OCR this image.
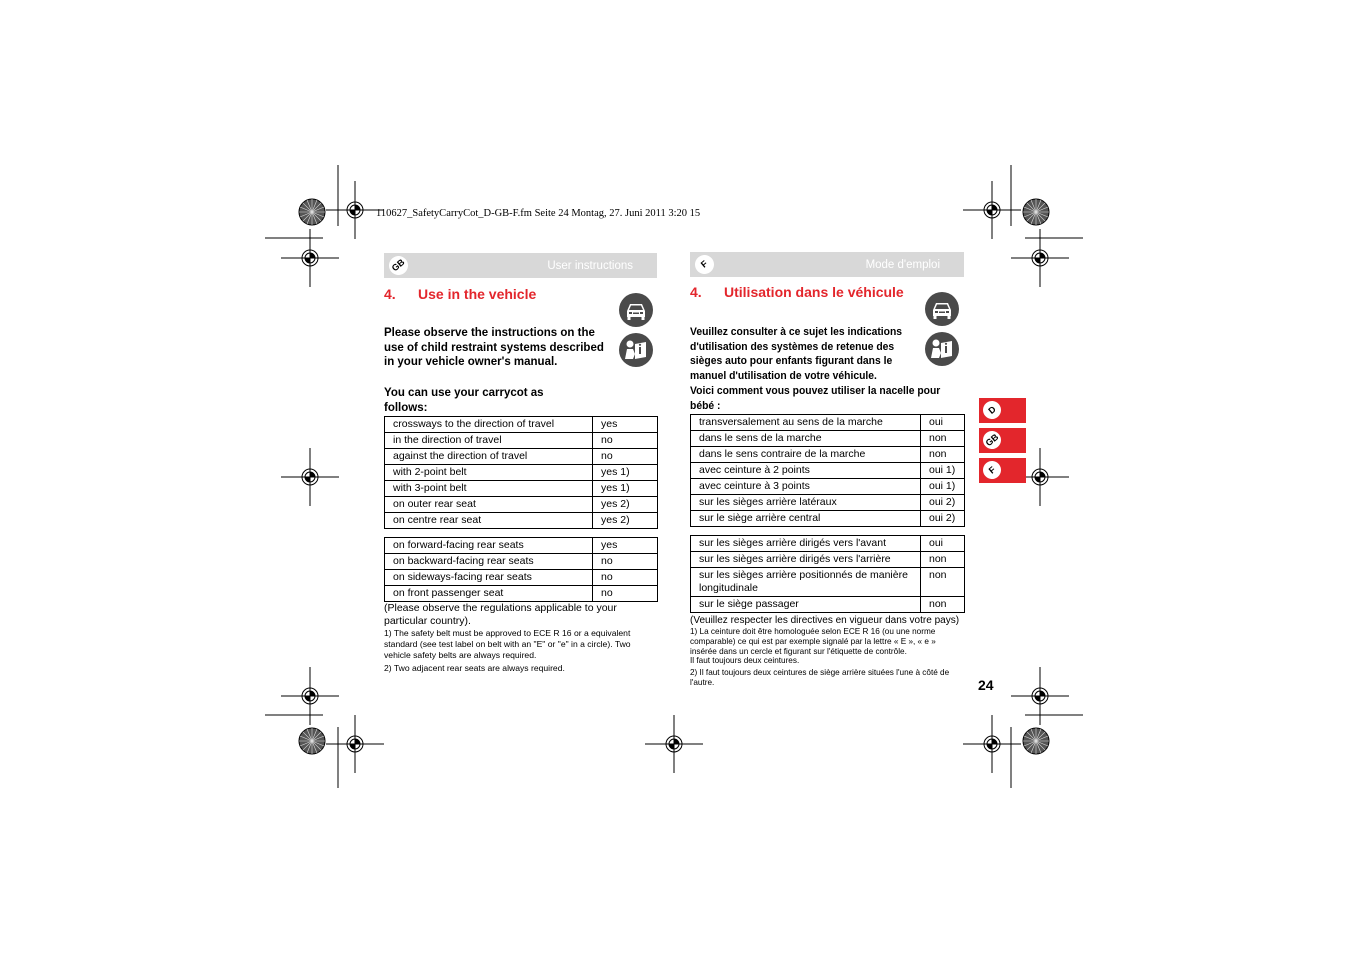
110627_SafetyCarryCot_D-GB-F.fm Seite 24 Montag, 27. Juni 2011 3:20 15
GB	User instructions
4. Use in the vehicle
Please observe the instructions on the use of child restraint systems described in your vehicle owner's manual.
You can use your carrycot as follows:
crossways to the direction of travel	yes
in the direction of travel	no
against the direction of travel	no
with 2-point belt	yes 1)
with 3-point belt	yes 1)
on outer rear seat	yes 2)
on centre rear seat	yes 2)
on forward-facing rear seats	yes
on backward-facing rear seats	no
on sideways-facing rear seats	no
on front passenger seat	no
(Please observe the regulations applicable to your particular country).
1) The safety belt must be approved to ECE R 16 or a equivalent standard (see test label on belt with an "E" or "e" in a circle). Two vehicle safety belts are always required.
2) Two adjacent rear seats are always required.
F	Mode d'emploi
4. Utilisation dans le véhicule
Veuillez consulter à ce sujet les indications d'utilisation des systèmes de retenue des sièges auto pour enfants figurant dans le manuel d'utilisation de votre véhicule.
Voici comment vous pouvez utiliser la nacelle pour bébé :
transversalement au sens de la marche	oui
dans le sens de la marche	non
dans le sens contraire de la marche	non
avec ceinture à 2 points	oui 1)
avec ceinture à 3 points	oui 1)
sur les sièges arrière latéraux	oui 2)
sur le siège arrière central	oui 2)
sur les sièges arrière dirigés vers l'avant	oui
sur les sièges arrière dirigés vers l'arrière	non
sur les sièges arrière positionnés de manière longitudinale	non
sur le siège passager	non
(Veuillez respecter les directives en vigueur dans votre pays)
1) La ceinture doit être homologuée selon ECE R 16 (ou une norme comparable) ce qui est par exemple signalé par la lettre « E », « e » insérée dans un cercle et figurant sur l'étiquette de contrôle.
Il faut toujours deux ceintures.
2) Il faut toujours deux ceintures de siège arrière situées l'une à côté de l'autre.
D
GB
F
24
